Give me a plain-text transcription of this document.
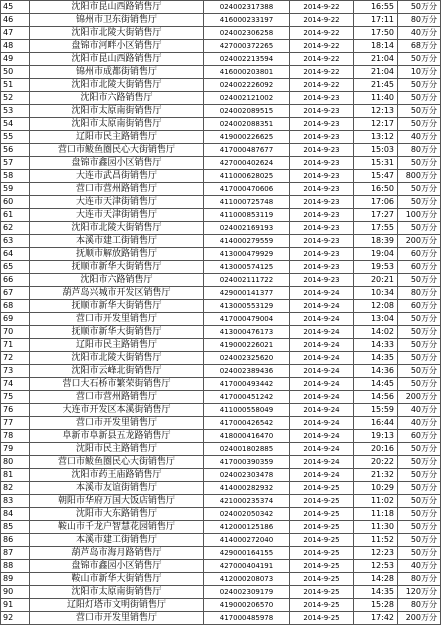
45	沈阳市昆山西路销售厅	024002317388	2014-9-22	16:55	50万分
46	锦州市卫东街销售厅	416000233197	2014-9-22	17:11	80万分
47	沈阳市北陵大街销售厅	024002306258	2014-9-22	17:50	40万分
48	盘锦市河畔小区销售厅	427000372265	2014-9-22	18:14	68万分
49	沈阳市昆山西路销售厅	024002213594	2014-9-22	21:04	50万分
50	锦州市成都街销售厅	416000203801	2014-9-22	21:04	10万分
51	沈阳市北陵大街销售厅	024002226092	2014-9-22	21:45	50万分
52	沈阳市六路销售厅	024002121002	2014-9-23	11:40	50万分
53	沈阳市太原南街销售厅	024002089515	2014-9-23	12:13	50万分
54	沈阳市太原南街销售厅	024002088351	2014-9-23	12:17	50万分
55	辽阳市民主路销售厅	419000226625	2014-9-23	13:12	40万分
56	营口市鲅鱼圈民心大街销售厅	417000487677	2014-9-23	15:03	80万分
57	盘锦市鑫园小区销售厅	427000402624	2014-9-23	15:31	50万分
58	大连市武昌街销售厅	411000628025	2014-9-23	15:47	800万分
59	营口市营州路销售厅	417000470606	2014-9-23	16:50	50万分
60	大连市天津街销售厅	411000725748	2014-9-23	17:06	50万分
61	大连市天津街销售厅	411000853119	2014-9-23	17:27	100万分
62	沈阳市北陵大街销售厅	024002169193	2014-9-23	17:55	50万分
63	本溪市建工街销售厅	414000279559	2014-9-23	18:39	200万分
64	抚顺市解放路销售厅	413000479929	2014-9-23	19:04	60万分
65	抚顺市新华大街销售厅	413000574125	2014-9-23	19:53	60万分
66	沈阳市六路销售厅	024002111722	2014-9-23	20:21	50万分
67	葫芦岛兴城市开发区销售厅	429000141377	2014-9-24	10:34	80万分
68	抚顺市新华大街销售厅	413000553129	2014-9-24	12:08	60万分
69	营口市开发里销售厅	417000479004	2014-9-24	13:04	50万分
70	抚顺市新华大街销售厅	413000476173	2014-9-24	14:02	50万分
71	辽阳市民主路销售厅	419000226021	2014-9-24	14:33	50万分
72	沈阳市北陵大街销售厅	024002325620	2014-9-24	14:35	50万分
73	沈阳市云峰北街销售厅	024002389436	2014-9-24	14:36	50万分
74	营口大石桥市繁荣街销售厅	417000493442	2014-9-24	14:45	50万分
75	营口市营州路销售厅	417000451242	2014-9-24	14:56	200万分
76	大连市开发区本溪街销售厅	411000558049	2014-9-24	15:59	40万分
77	营口市开发里销售厅	417000426542	2014-9-24	16:44	40万分
78	阜新市阜新县五龙路销售厅	418000416470	2014-9-24	19:13	60万分
79	沈阳市民主路销售厅	024001802885	2014-9-24	20:16	50万分
80	营口市鲅鱼圈民心大街销售厅	417000390359	2014-9-24	20:22	50万分
81	沈阳市药王庙路销售厅	024002303478	2014-9-24	21:32	50万分
82	本溪市友谊街销售厅	414000282932	2014-9-25	10:29	50万分
83	朝阳市华府万国大饭店销售厅	421000235374	2014-9-25	11:02	50万分
84	沈阳市大东路销售厅	024002050342	2014-9-25	11:18	50万分
85	鞍山市千龙户智慧花园销售厅	412000125186	2014-9-25	11:30	50万分
86	本溪市建工街销售厅	414000272040	2014-9-25	11:52	50万分
87	葫芦岛市海月路销售厅	429000164155	2014-9-25	12:23	50万分
88	盘锦市鑫园小区销售厅	427000404191	2014-9-25	12:53	40万分
89	鞍山市新华大街销售厅	412000208073	2014-9-25	14:28	80万分
90	沈阳市太原南街销售厅	024002309179	2014-9-25	14:35	120万分
91	辽阳灯塔市文明街销售厅	419000206570	2014-9-25	15:28	80万分
92	营口市开发里销售厅	417000485978	2014-9-25	17:42	200万分
